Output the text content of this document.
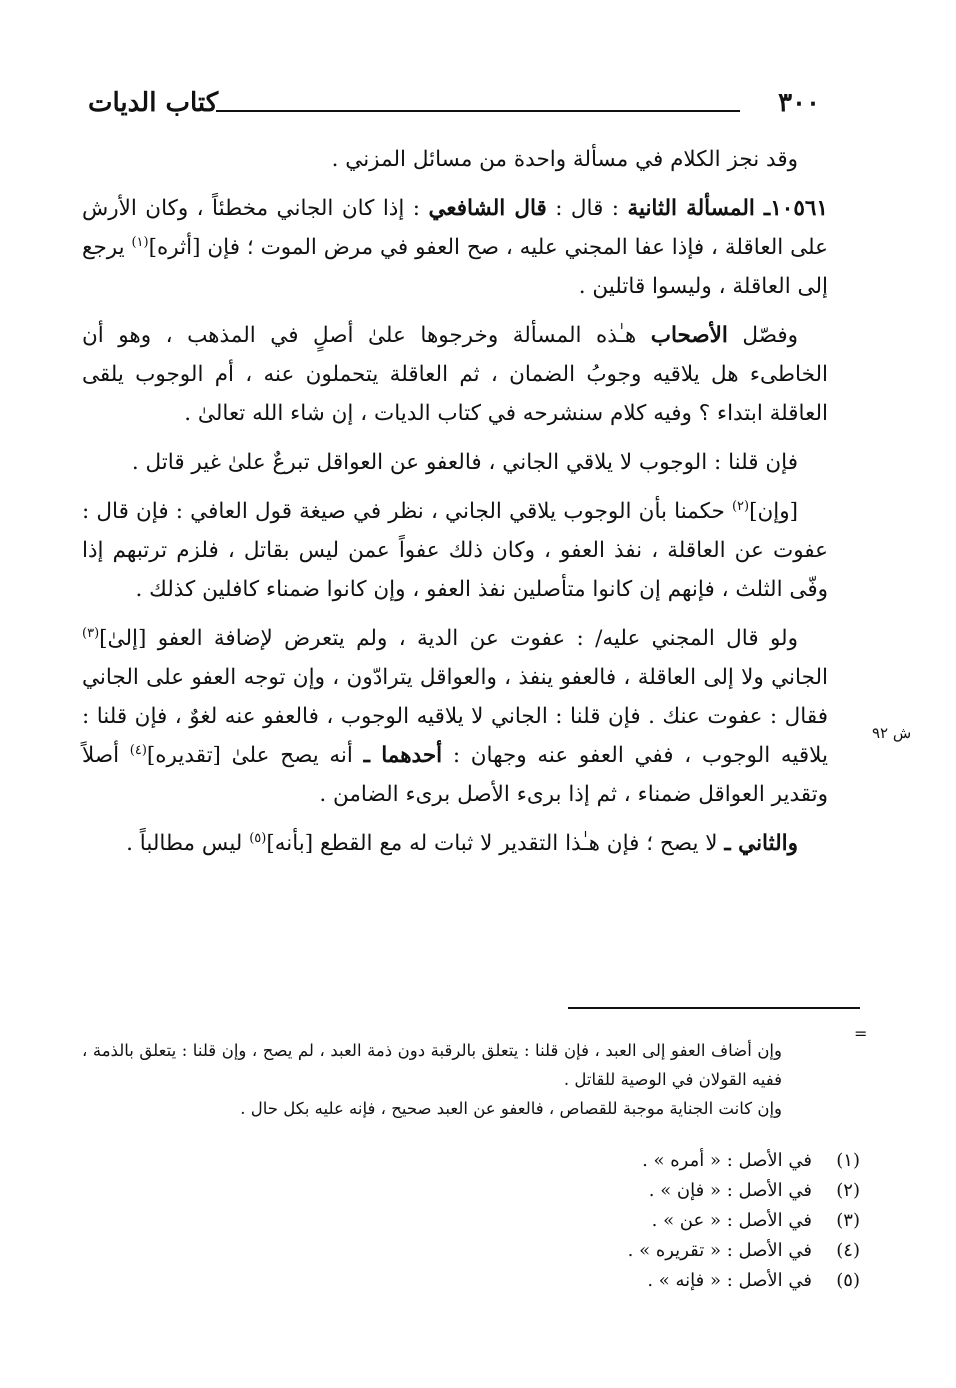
٣٠٠
كتاب الديات
ش ٩٢

وقد نجز الكلام في مسألة واحدة من مسائل المزني .

١٠٥٦١ـ المسألة الثانية : قال : قال الشافعي : إذا كان الجاني مخطئاً ، وكان الأرش على العاقلة ، فإذا عفا المجني عليه ، صح العفو في مرض الموت ؛ فإن [أثره]$^{(١)}$ يرجع إلى العاقلة ، وليسوا قاتلين .

وفصّل الأصحاب هـٰذه المسألة وخرجوها علىٰ أصلٍ في المذهب ، وهو أن الخاطىء هل يلاقيه وجوبُ الضمان ، ثم العاقلة يتحملون عنه ، أم الوجوب يلقى العاقلة ابتداء ؟ وفيه كلام سنشرحه في كتاب الديات ، إن شاء الله تعالىٰ .

فإن قلنا : الوجوب لا يلاقي الجاني ، فالعفو عن العواقل تبرعٌ علىٰ غير قاتل .

[وإن]$^{(٢)}$ حكمنا بأن الوجوب يلاقي الجاني ، نظر في صيغة قول العافي : فإن قال : عفوت عن العاقلة ، نفذ العفو ، وكان ذلك عفواً عمن ليس بقاتل ، فلزم ترتبهم إذا وفّى الثلث ، فإنهم إن كانوا متأصلين نفذ العفو ، وإن كانوا ضمناء كافلين كذلك .

ولو قال المجني عليه/ : عفوت عن الدية ، ولم يتعرض لإضافة العفو [إلىٰ]$^{(٣)}$ الجاني ولا إلى العاقلة ، فالعفو ينفذ ، والعواقل يترادّون ، وإن توجه العفو على الجاني فقال : عفوت عنك . فإن قلنا : الجاني لا يلاقيه الوجوب ، فالعفو عنه لغوٌ ، فإن قلنا : يلاقيه الوجوب ، ففي العفو عنه وجهان : أحدهما ـ أنه يصح علىٰ [تقديره]$^{(٤)}$ أصلاً وتقدير العواقل ضمناء ، ثم إذا برىء الأصل برىء الضامن .

والثاني ـ لا يصح ؛ فإن هـٰذا التقدير لا ثبات له مع القطع [بأنه]$^{(٥)}$ ليس مطالباً .

=

وإن أضاف العفو إلى العبد ، فإن قلنا : يتعلق بالرقبة دون ذمة العبد ، لم يصح ، وإن قلنا : يتعلق بالذمة ، ففيه القولان في الوصية للقاتل .

وإن كانت الجناية موجبة للقصاص ، فالعفو عن العبد صحيح ، فإنه عليه بكل حال .

(١)
في الأصل : « أمره » .
(٢)
في الأصل : « فإن » .
(٣)
في الأصل : « عن » .
(٤)
في الأصل : « تقريره » .
(٥)
في الأصل : « فإنه » .
